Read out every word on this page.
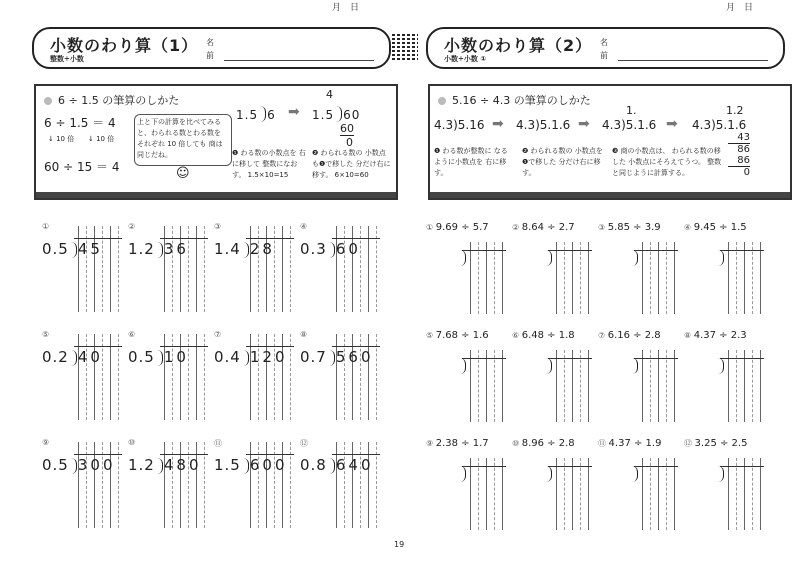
月　日
小数のわり算（1）
整数÷小数
名
前
6 ÷ 1.5 の筆算のしかた
6 ÷ 1.5 ＝ 4
↓ 10 倍 ↓ 10 倍
60 ÷ 15 ＝ 4
上と下の計算を比べてみると、わられる数とわる数を それぞれ 10 倍しても 商は同じだね。
☺
1.5 6 ➡
4
1.5 60
60
0
❶ わる数の小数点を 右に移して 整数になおす。 1.5×10=15
❷ わられる数の 小数点も❶で移した 分だけ右に移す。 6×10=60
①
0.5 45
②
1.2 36
③
1.4 28
④
0.3 60
⑤
0.2 40
⑥
0.5 10
⑦
0.4 120
⑧
0.7 560
⑨
0.5 300
⑩
1.2 480
⑪
1.5 600
⑫
0.8 640
月　日
小数のわり算（2）
小数÷小数 ①
名
前
5.16 ÷ 4.3 の筆算のしかた
4.3)5.16 ➡ 4.3)5.1.6 ➡
1.
4.3)5.1.6 ➡
1.2
4.3)5.1.6
43
86
86
0
❶ わる数が整数に なるように小数点を 右に移す。
❷ わられる数の 小数点を❶で移した 分だけ右に移す。
❸ 商の小数点は、 わられる数の移した 小数点にそろえてうつ。 整数と同じように計算する。
① 9.69 ÷ 5.7	② 8.64 ÷ 2.7	③ 5.85 ÷ 3.9	④ 9.45 ÷ 1.5
⑤ 7.68 ÷ 1.6	⑥ 6.48 ÷ 1.8	⑦ 6.16 ÷ 2.8	⑧ 4.37 ÷ 2.3
⑨ 2.38 ÷ 1.7	⑩ 8.96 ÷ 2.8	⑪ 4.37 ÷ 1.9	⑫ 3.25 ÷ 2.5
19
